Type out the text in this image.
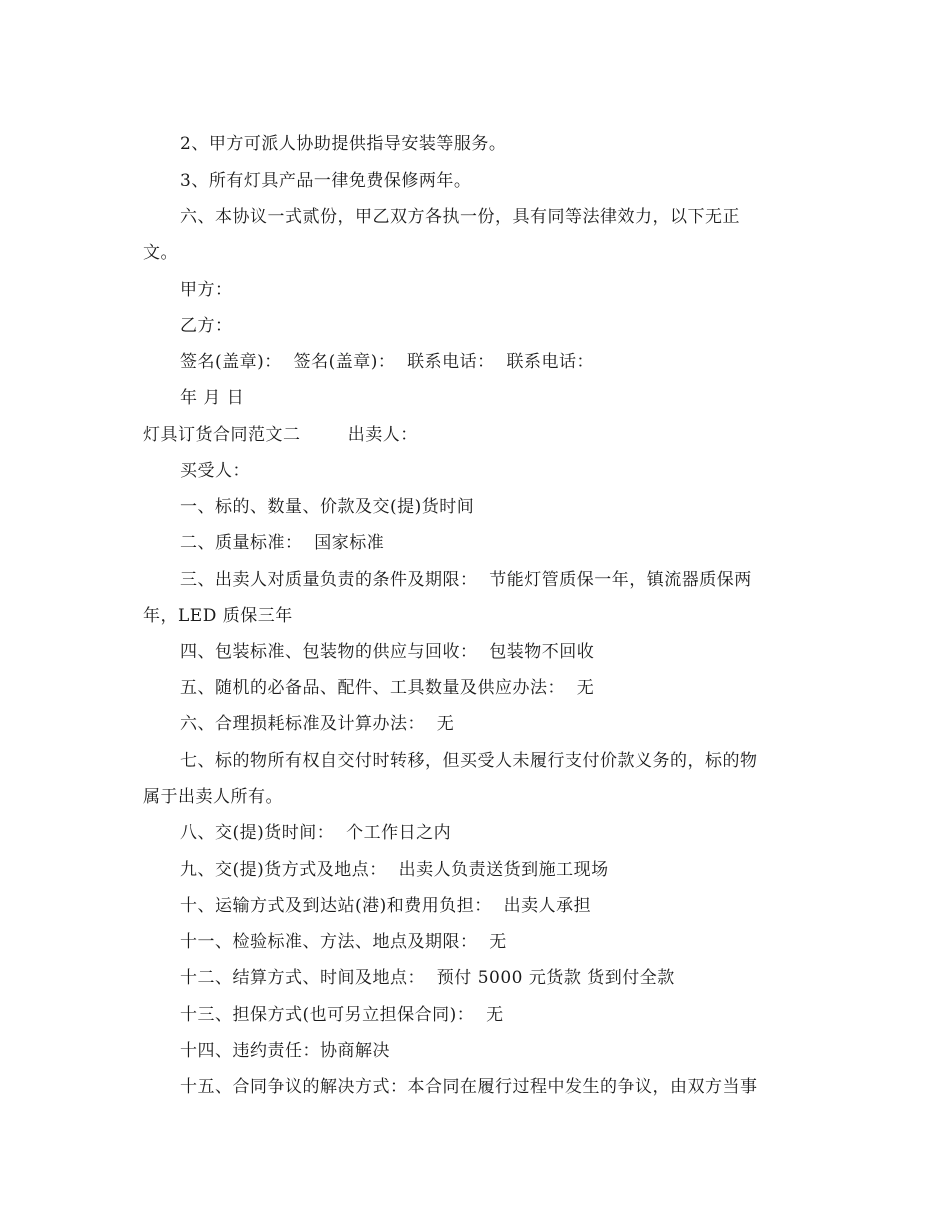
2、甲方可派人协助提供指导安装等服务。
3、所有灯具产品一律免费保修两年。
六、本协议一式贰份，甲乙双方各执一份，具有同等法律效力，以下无正
文。
甲方：
乙方：
签名(盖章)：  签名(盖章)：  联系电话：  联系电话：
年 月 日
灯具订货合同范文二        出卖人：
买受人：
一、标的、数量、价款及交(提)货时间
二、质量标准：  国家标准
三、出卖人对质量负责的条件及期限：  节能灯管质保一年，镇流器质保两
年，LED 质保三年
四、包装标准、包装物的供应与回收：  包装物不回收
五、随机的必备品、配件、工具数量及供应办法：  无
六、合理损耗标准及计算办法：  无
七、标的物所有权自交付时转移，但买受人未履行支付价款义务的，标的物
属于出卖人所有。
八、交(提)货时间：  个工作日之内
九、交(提)货方式及地点：  出卖人负责送货到施工现场
十、运输方式及到达站(港)和费用负担：  出卖人承担
十一、检验标准、方法、地点及期限：  无
十二、结算方式、时间及地点：  预付 5000 元货款 货到付全款
十三、担保方式(也可另立担保合同)：  无
十四、违约责任：协商解决
十五、合同争议的解决方式：本合同在履行过程中发生的争议，由双方当事
